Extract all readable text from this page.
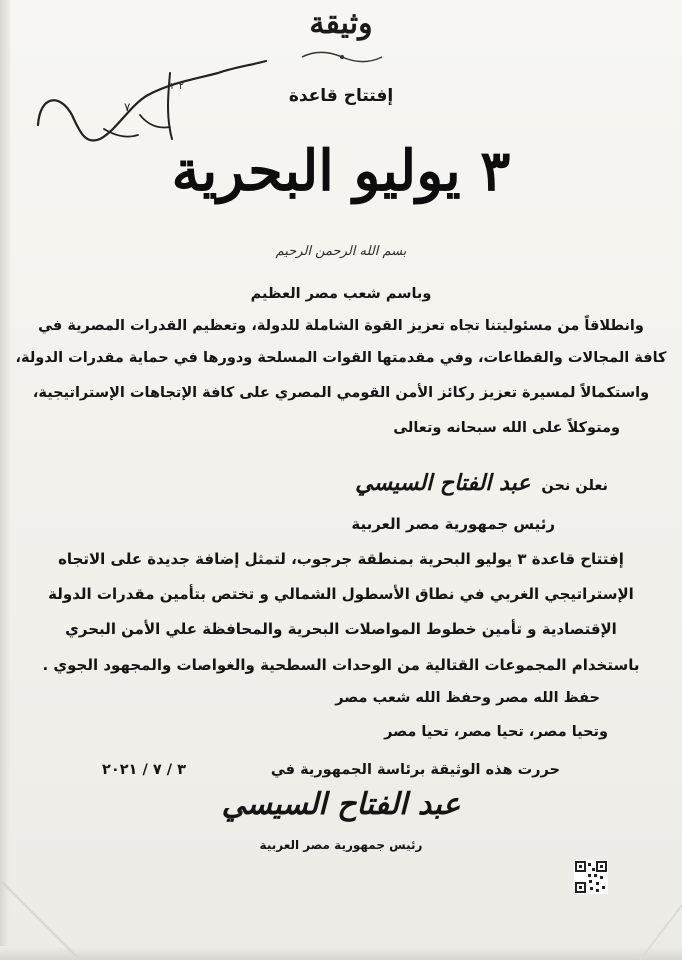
٢ ٢
٧
وثيقة
إفتتاح قاعدة
٣ يوليو البحرية
بسم الله الرحمن الرحيم
وباسم شعب مصر العظيم
وانطلاقاً من مسئوليتنا تجاه تعزيز القوة الشاملة للدولة، وتعظيم القدرات المصرية في
كافة المجالات والقطاعات، وفي مقدمتها القوات المسلحة ودورها في حماية مقدرات الدولة،
واستكمالاً لمسيرة تعزيز ركائز الأمن القومي المصري على كافة الإتجاهات الإستراتيجية،
ومتوكلاً على الله سبحانه وتعالى
نعلن نحن عبد الفتاح السيسي
رئيس جمهورية مصر العربية
إفتتاح قاعدة ٣ يوليو البحرية بمنطقة جرجوب، لتمثل إضافة جديدة على الاتجاه
الإستراتيجي الغربي في نطاق الأسطول الشمالي و تختص بتأمين مقدرات الدولة
الإقتصادية و تأمين خطوط المواصلات البحرية والمحافظة علي الأمن البحري
باستخدام المجموعات القتالية من الوحدات السطحية والغواصات والمجهود الجوي .
حفظ الله مصر وحفظ الله شعب مصر
وتحيا مصر، تحيا مصر، تحيا مصر
حررت هذه الوثيقة برئاسة الجمهورية في
٣ / ٧ / ٢٠٢١
عبد الفتاح السيسي
رئيس جمهورية مصر العربية
